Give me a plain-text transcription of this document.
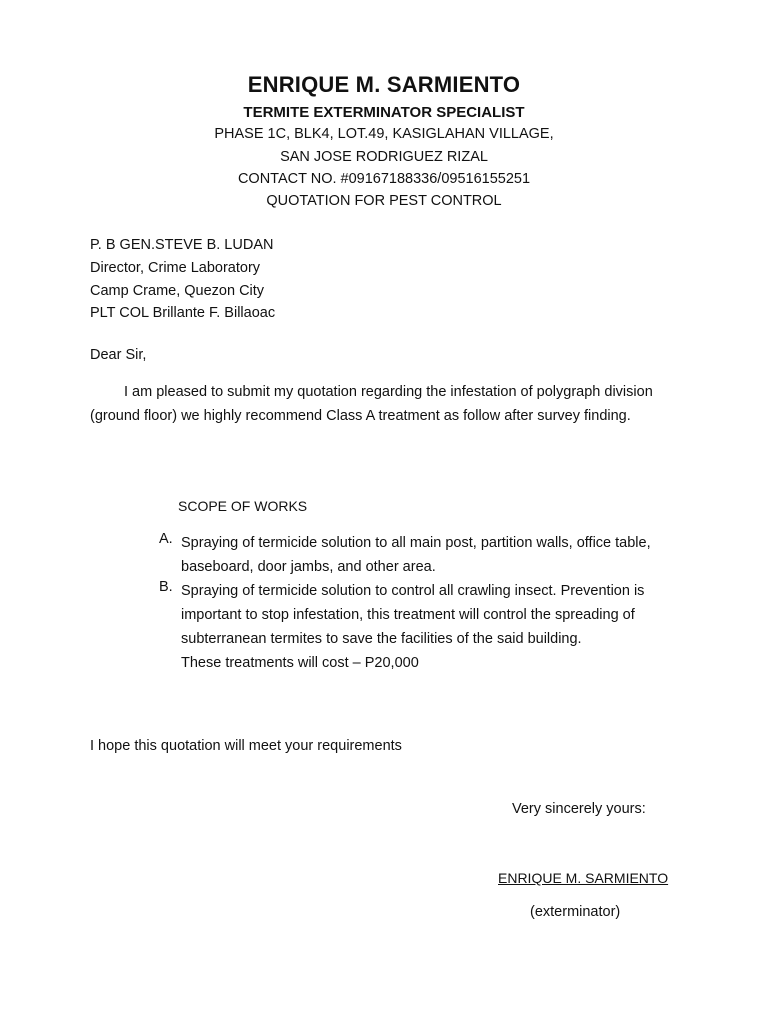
ENRIQUE M. SARMIENTO
TERMITE EXTERMINATOR SPECIALIST
PHASE 1C, BLK4, LOT.49, KASIGLAHAN VILLAGE,
SAN JOSE RODRIGUEZ RIZAL
CONTACT NO. #09167188336/09516155251
QUOTATION FOR PEST CONTROL
P. B GEN.STEVE B. LUDAN
Director, Crime Laboratory
Camp Crame, Quezon City
PLT COL Brillante F. Billaoac
Dear Sir,
I am pleased to submit my quotation regarding the infestation of polygraph division (ground floor) we highly recommend Class A treatment as follow after survey finding.
SCOPE OF WORKS
A. Spraying of termicide solution to all main post, partition walls, office table, baseboard, door jambs, and other area.
B. Spraying of termicide solution to control all crawling insect. Prevention is important to stop infestation, this treatment will control the spreading of subterranean termites to save the facilities of the said building.
These treatments will cost – P20,000
I hope this quotation will meet your requirements
Very sincerely yours:
ENRIQUE M. SARMIENTO
(exterminator)
